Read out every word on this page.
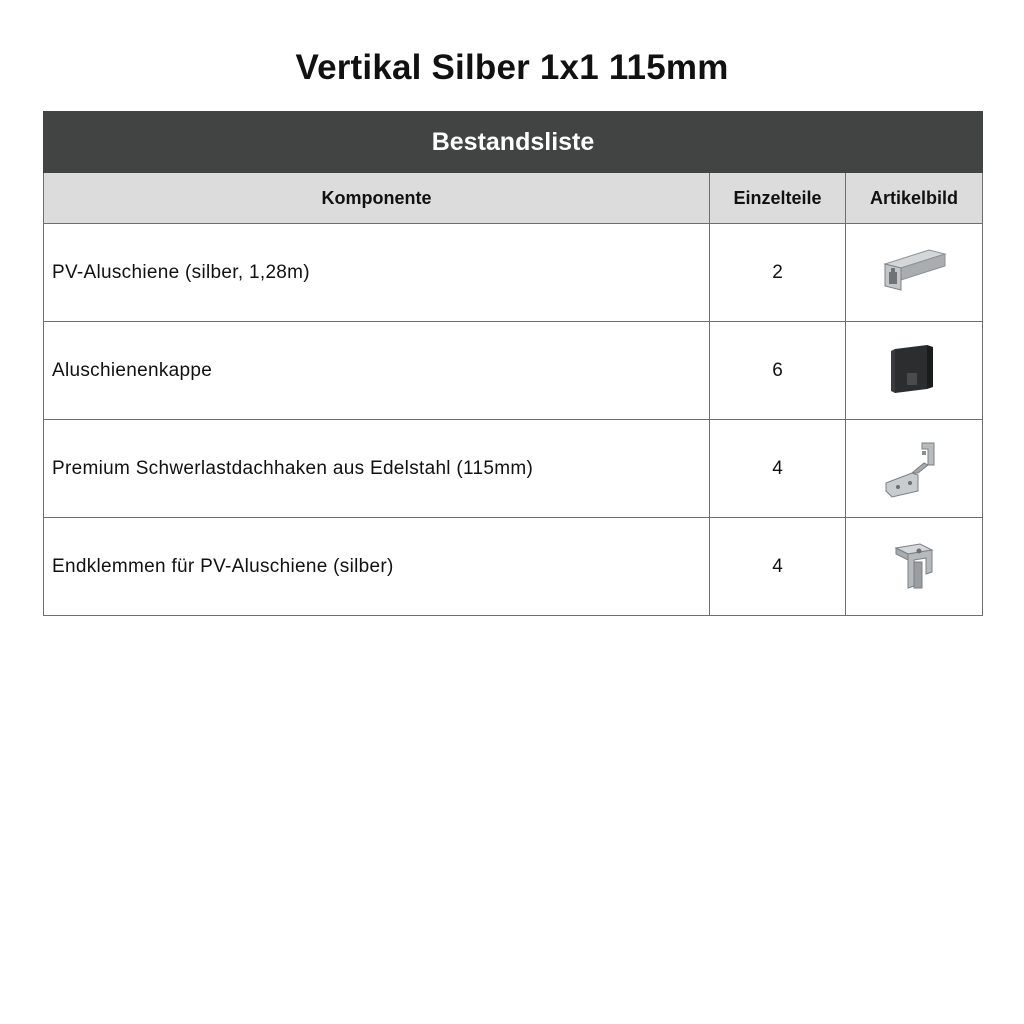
Vertikal Silber 1x1 115mm
Bestandsliste		
Komponente	Einzelteile	Artikelbild
PV-Aluschiene (silber, 1,28m)	2	
Aluschienenkappe	6	
Premium Schwerlastdachhaken aus Edelstahl (115mm)	4	
Endklemmen für PV-Aluschiene (silber)	4	
